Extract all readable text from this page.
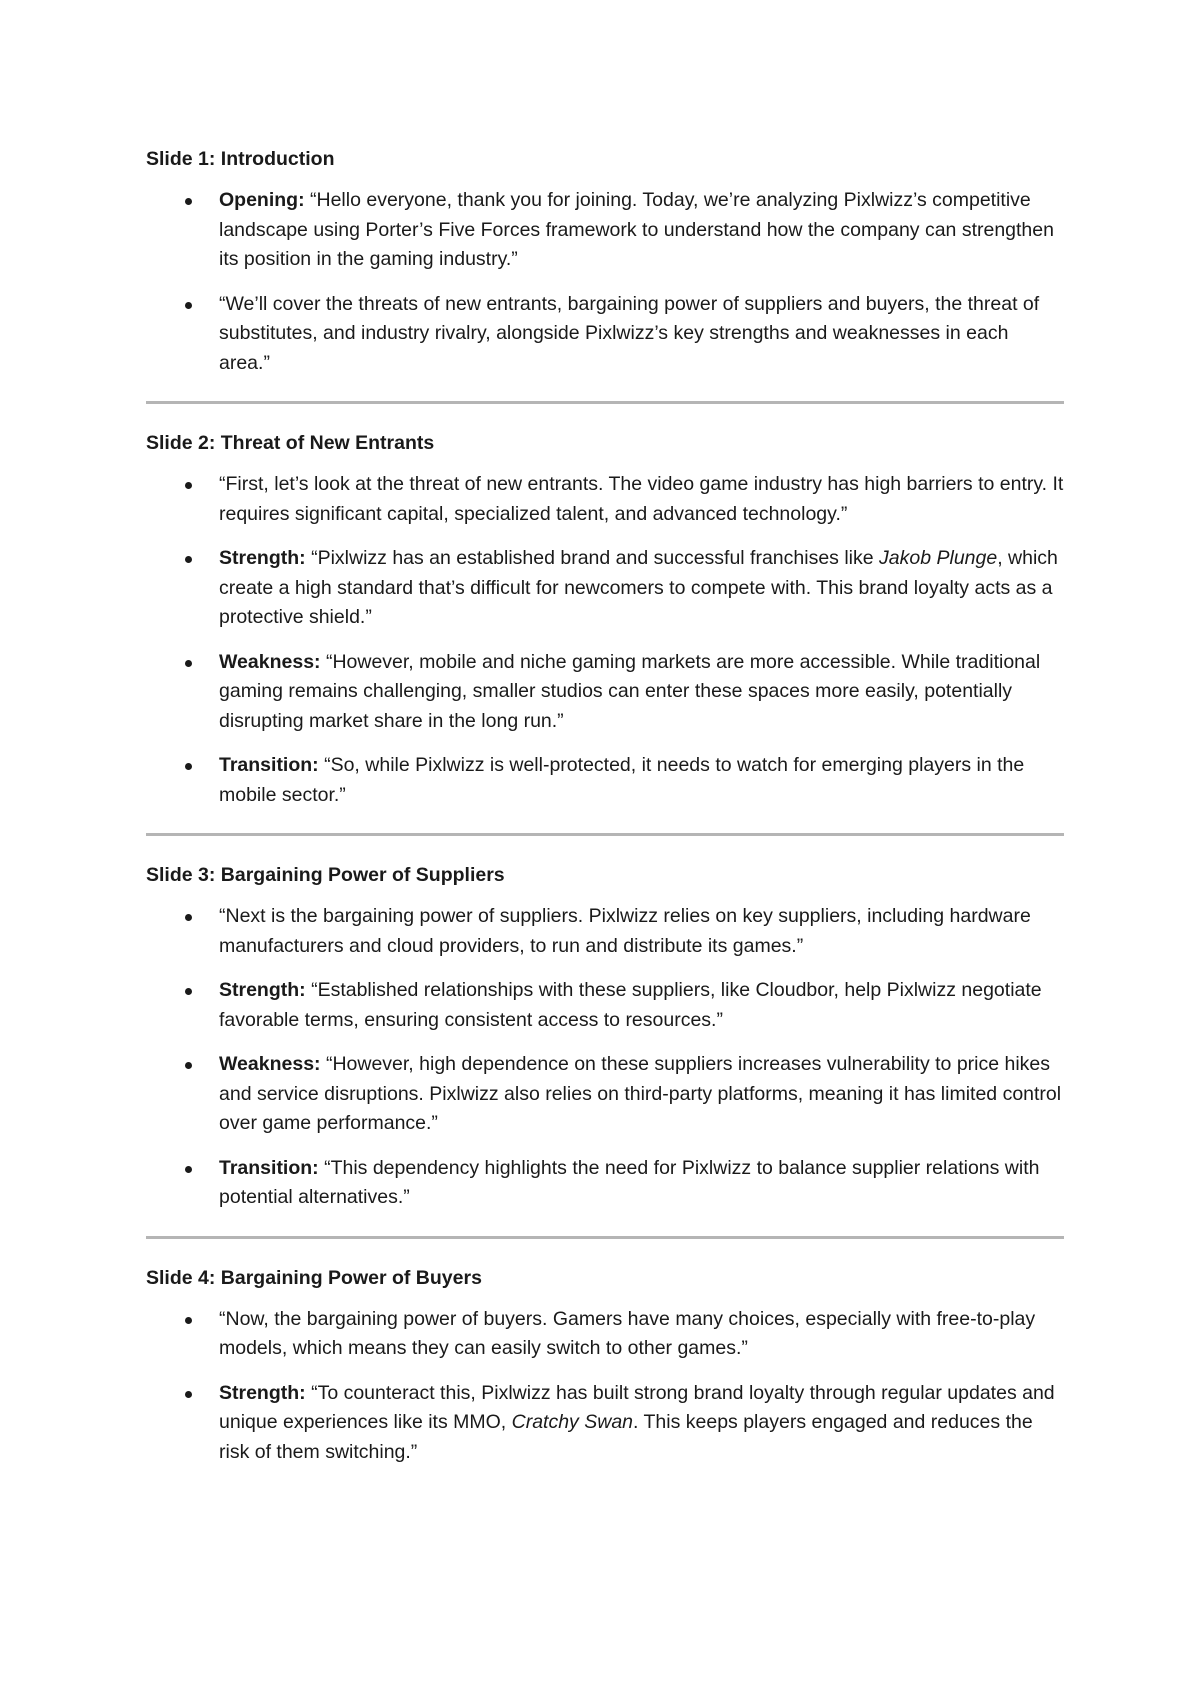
Slide 1: Introduction
Opening: “Hello everyone, thank you for joining. Today, we’re analyzing Pixlwizz’s competitive landscape using Porter’s Five Forces framework to understand how the company can strengthen its position in the gaming industry.”
“We’ll cover the threats of new entrants, bargaining power of suppliers and buyers, the threat of substitutes, and industry rivalry, alongside Pixlwizz’s key strengths and weaknesses in each area.”
Slide 2: Threat of New Entrants
“First, let’s look at the threat of new entrants. The video game industry has high barriers to entry. It requires significant capital, specialized talent, and advanced technology.”
Strength: “Pixlwizz has an established brand and successful franchises like Jakob Plunge, which create a high standard that’s difficult for newcomers to compete with. This brand loyalty acts as a protective shield.”
Weakness: “However, mobile and niche gaming markets are more accessible. While traditional gaming remains challenging, smaller studios can enter these spaces more easily, potentially disrupting market share in the long run.”
Transition: “So, while Pixlwizz is well-protected, it needs to watch for emerging players in the mobile sector.”
Slide 3: Bargaining Power of Suppliers
“Next is the bargaining power of suppliers. Pixlwizz relies on key suppliers, including hardware manufacturers and cloud providers, to run and distribute its games.”
Strength: “Established relationships with these suppliers, like Cloudbor, help Pixlwizz negotiate favorable terms, ensuring consistent access to resources.”
Weakness: “However, high dependence on these suppliers increases vulnerability to price hikes and service disruptions. Pixlwizz also relies on third-party platforms, meaning it has limited control over game performance.”
Transition: “This dependency highlights the need for Pixlwizz to balance supplier relations with potential alternatives.”
Slide 4: Bargaining Power of Buyers
“Now, the bargaining power of buyers. Gamers have many choices, especially with free-to-play models, which means they can easily switch to other games.”
Strength: “To counteract this, Pixlwizz has built strong brand loyalty through regular updates and unique experiences like its MMO, Cratchy Swan. This keeps players engaged and reduces the risk of them switching.”
